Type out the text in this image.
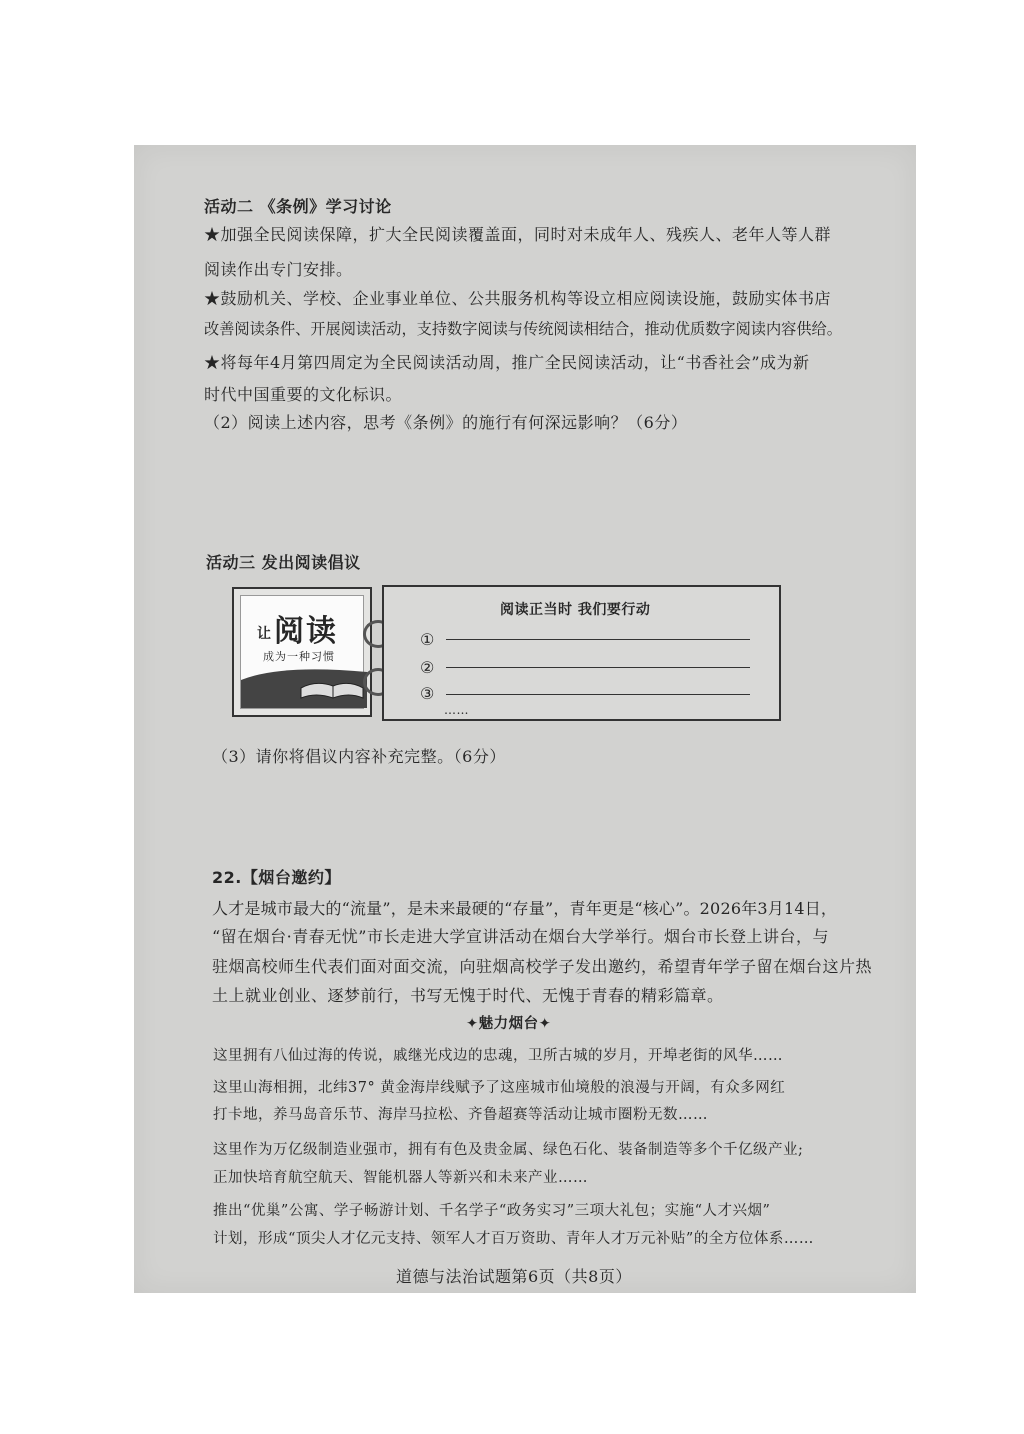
活动二 《条例》学习讨论
★加强全民阅读保障，扩大全民阅读覆盖面，同时对未成年人、残疾人、老年人等人群
阅读作出专门安排。
★鼓励机关、学校、企业事业单位、公共服务机构等设立相应阅读设施，鼓励实体书店
改善阅读条件、开展阅读活动，支持数字阅读与传统阅读相结合，推动优质数字阅读内容供给。
★将每年4月第四周定为全民阅读活动周，推广全民阅读活动，让“书香社会”成为新
时代中国重要的文化标识。
（2）阅读上述内容，思考《条例》的施行有何深远影响？（6分）
活动三 发出阅读倡议
让 阅读
成为一种习惯
阅读正当时 我们要行动
①
②
③
……
（3）请你将倡议内容补充完整。（6分）
22.【烟台邀约】
人才是城市最大的“流量”，是未来最硬的“存量”，青年更是“核心”。2026年3月14日，
“留在烟台·青春无忧”市长走进大学宣讲活动在烟台大学举行。烟台市长登上讲台，与
驻烟高校师生代表们面对面交流，向驻烟高校学子发出邀约，希望青年学子留在烟台这片热
土上就业创业、逐梦前行，书写无愧于时代、无愧于青春的精彩篇章。
✦魅力烟台✦
这里拥有八仙过海的传说，戚继光戍边的忠魂，卫所古城的岁月，开埠老街的风华……
这里山海相拥，北纬37° 黄金海岸线赋予了这座城市仙境般的浪漫与开阔，有众多网红
打卡地，养马岛音乐节、海岸马拉松、齐鲁超赛等活动让城市圈粉无数……
这里作为万亿级制造业强市，拥有有色及贵金属、绿色石化、装备制造等多个千亿级产业;
正加快培育航空航天、智能机器人等新兴和未来产业……
推出“优巢”公寓、学子畅游计划、千名学子“政务实习”三项大礼包；实施“人才兴烟”
计划，形成“顶尖人才亿元支持、领军人才百万资助、青年人才万元补贴”的全方位体系……
道德与法治试题第6页（共8页）
